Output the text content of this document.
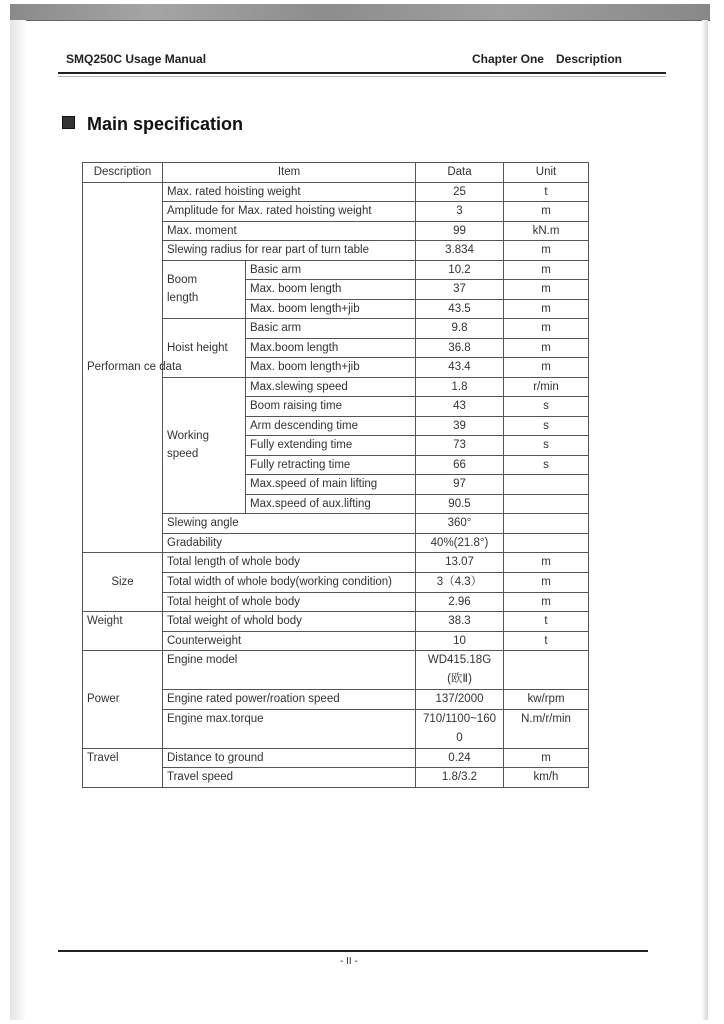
SMQ250C Usage Manual	Chapter One Description
Main specification
Description	Item		Data	Unit
Performan ce data	Max. rated hoisting weight		25	t
	Amplitude for Max. rated hoisting weight		3	m
	Max. moment		99	kN.m
	Slewing radius for rear part of turn table		3.834	m
	Boom length	Basic arm	10.2	m
		Max. boom length	37	m
		Max. boom length+jib	43.5	m
	Hoist height	Basic arm	9.8	m
		Max.boom length	36.8	m
		Max. boom length+jib	43.4	m
	Working speed	Max.slewing speed	1.8	r/min
		Boom raising time	43	s
		Arm descending time	39	s
		Fully extending time	73	s
		Fully retracting time	66	s
		Max.speed of main lifting	97	
		Max.speed of aux.lifting	90.5	
	Slewing angle		360°	
	Gradability		40%(21.8°)	
Size	Total length of whole body		13.07	m

	Total width of whole body(working condition)		3（4.3）	m
	Total height of whole body		2.96	m
Weight	Total weight of whold body		38.3	t
	Counterweight		10	t
Power	Engine model		WD415.18G (欧Ⅱ)	

	Engine rated power/roation speed		137/2000	kw/rpm
	Engine max.torque		710/1100~1600	N.m/r/min
Travel	Distance to ground		0.24	m
	Travel speed		1.8/3.2	km/h
- II -
